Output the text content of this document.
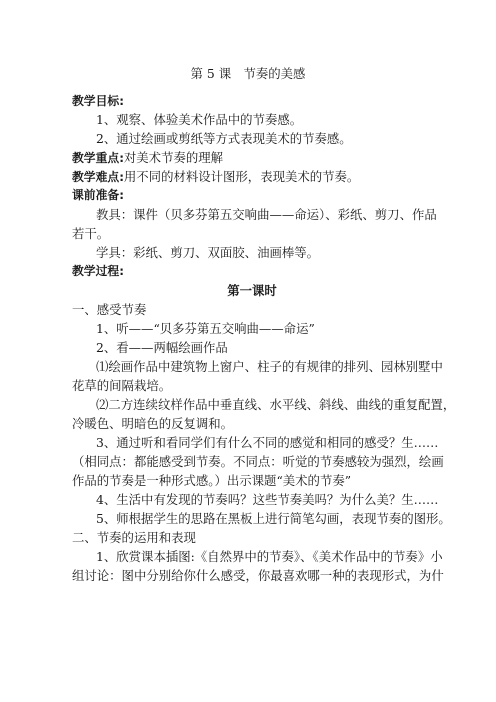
第 5 课　节奏的美感
教学目标:
1、观察、体验美术作品中的节奏感。
2、通过绘画或剪纸等方式表现美术的节奏感。
教学重点:对美术节奏的理解
教学难点:用不同的材料设计图形，表现美术的节奏。
课前准备:
教具：课件（贝多芬第五交响曲——命运）、彩纸、剪刀、作品
若干。
学具：彩纸、剪刀、双面胶、油画棒等。
教学过程:
第一课时
一、感受节奏
1、听——“贝多芬第五交响曲——命运”
2、看——两幅绘画作品
⑴绘画作品中建筑物上窗户、柱子的有规律的排列、园林别墅中
花草的间隔栽培。
⑵二方连续纹样作品中垂直线、水平线、斜线、曲线的重复配置，
冷暖色、明暗色的反复调和。
3、通过听和看同学们有什么不同的感觉和相同的感受？生……
（相同点：都能感受到节奏。不同点：听觉的节奏感较为强烈，绘画
作品的节奏是一种形式感。）出示课题“美术的节奏”
4、生活中有发现的节奏吗？这些节奏美吗？为什么美？生……
5、师根据学生的思路在黑板上进行简笔勾画，表现节奏的图形。
二、节奏的运用和表现
1、欣赏课本插图:《自然界中的节奏》、《美术作品中的节奏》小
组讨论：图中分别给你什么感受，你最喜欢哪一种的表现形式，为什
